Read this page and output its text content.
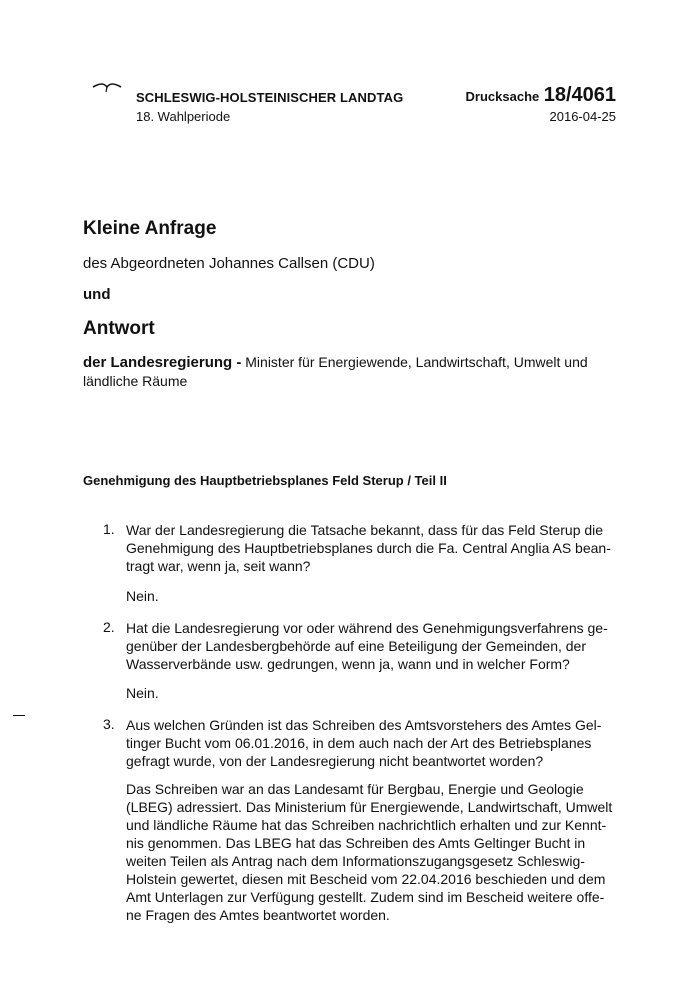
SCHLESWIG-HOLSTEINISCHER LANDTAG
18. Wahlperiode
Drucksache 18/4061
2016-04-25
Kleine Anfrage
des Abgeordneten Johannes Callsen (CDU)
und
Antwort
der Landesregierung - Minister für Energiewende, Landwirtschaft, Umwelt und ländliche Räume
Genehmigung des Hauptbetriebsplanes Feld Sterup / Teil II
1. War der Landesregierung die Tatsache bekannt, dass für das Feld Sterup die
Genehmigung des Hauptbetriebsplanes durch die Fa. Central Anglia AS bean-
tragt war, wenn ja, seit wann?
Nein.
2. Hat die Landesregierung vor oder während des Genehmigungsverfahrens ge-
genüber der Landesbergbehörde auf eine Beteiligung der Gemeinden, der
Wasserverbände usw. gedrungen, wenn ja, wann und in welcher Form?
Nein.
3. Aus welchen Gründen ist das Schreiben des Amtsvorstehers des Amtes Gel-
tinger Bucht vom 06.01.2016, in dem auch nach der Art des Betriebsplanes
gefragt wurde, von der Landesregierung nicht beantwortet worden?
Das Schreiben war an das Landesamt für Bergbau, Energie und Geologie
(LBEG) adressiert. Das Ministerium für Energiewende, Landwirtschaft, Umwelt
und ländliche Räume hat das Schreiben nachrichtlich erhalten und zur Kennt-
nis genommen. Das LBEG hat das Schreiben des Amts Geltinger Bucht in
weiten Teilen als Antrag nach dem Informationszugangsgesetz Schleswig-
Holstein gewertet, diesen mit Bescheid vom 22.04.2016 beschieden und dem
Amt Unterlagen zur Verfügung gestellt. Zudem sind im Bescheid weitere offe-
ne Fragen des Amtes beantwortet worden.
